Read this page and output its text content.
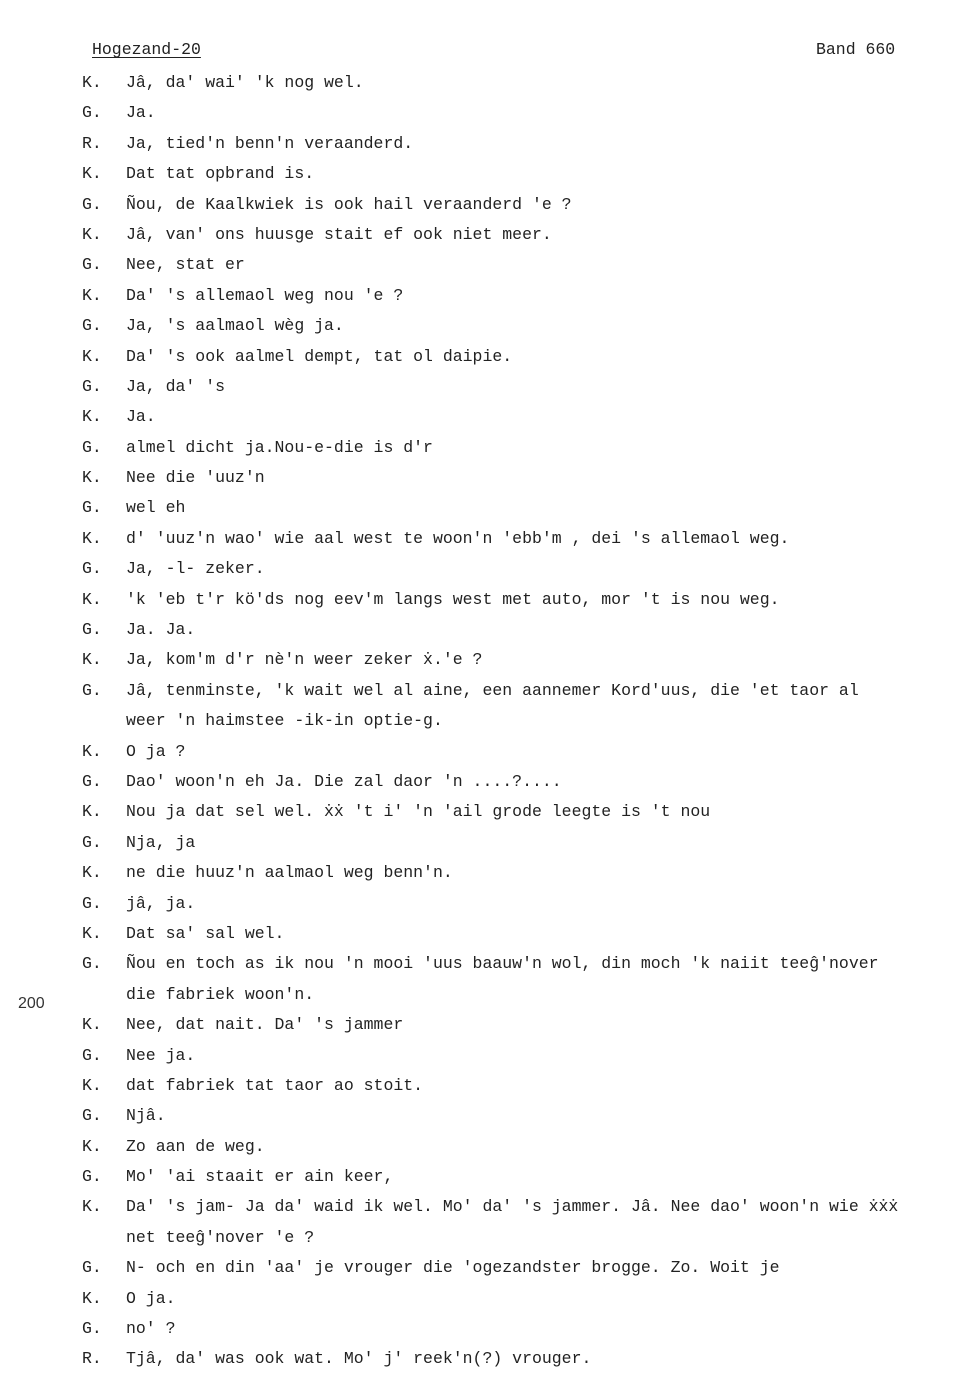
Hogezand-20	Band 660
200
K.	Jâ, da' wai' 'k nog wel.
G.	Ja.
R.	Ja, tied'n benn'n veraanderd.
K.	Dat tat opbrand is.
G.	Ñou, de Kaalkwiek is ook hail veraanderd 'e ?
K.	Jâ, van' ons huusge stait ef ook niet meer.
G.	Nee, stat er
K.	Da' 's allemaol weg nou 'e ?
G.	Ja, 's aalmaol wèg ja.
K.	Da' 's ook aalmel dempt, tat ol daipie.
G.	Ja, da' 's
K.	Ja.
G.	almel dicht ja.Nou-e-die is d'r
K.	Nee die 'uuz'n
G.	wel eh
K.	d' 'uuz'n wao' wie aal west te woon'n 'ebb'm , dei 's allemaol weg.
G.	Ja, -l- zeker.
K.	'k 'eb t'r kö'ds nog eev'm langs west met auto, mor 't is nou weg.
G.	Ja. Ja.
K.	Ja, kom'm d'r nè'n weer zeker ẋ.'e ?
G.	Jâ, tenminste, 'k wait wel al aine, een aannemer Kord'uus, die 'et taor al
weer 'n haimstee -ik-in optie-g.
K.	O ja ?
G.	Dao' woon'n eh Ja. Die zal daor 'n ....?....
K.	Nou ja dat sel wel. ẋẋ 't i' 'n 'ail grode leegte is 't nou
G.	Nja, ja
K.	ne die huuz'n aalmaol weg benn'n.
G.	jâ, ja.
K.	Dat sa' sal wel.
G.	Ñou en toch as ik nou 'n mooi 'uus baauw'n wol, din moch 'k naiit teeĝ'nover
die fabriek woon'n.
K.	Nee, dat nait. Da' 's jammer
G.	Nee ja.
K.	dat fabriek tat taor ao stoit.
G.	Njâ.
K.	Zo aan de weg.
G.	Mo' 'ai staait er ain keer,
K.	Da' 's jam- Ja da' waid ik wel. Mo' da' 's jammer. Jâ. Nee dao' woon'n wie ẋẋẋ
net teeĝ'nover 'e ?
G.	N- och en din 'aa' je vrouger die 'ogezandster brogge. Zo. Woit je
K.	O ja.
G.	no' ?
R.	Tjâ, da' was ook wat. Mo' j' reek'n(?) vrouger.
